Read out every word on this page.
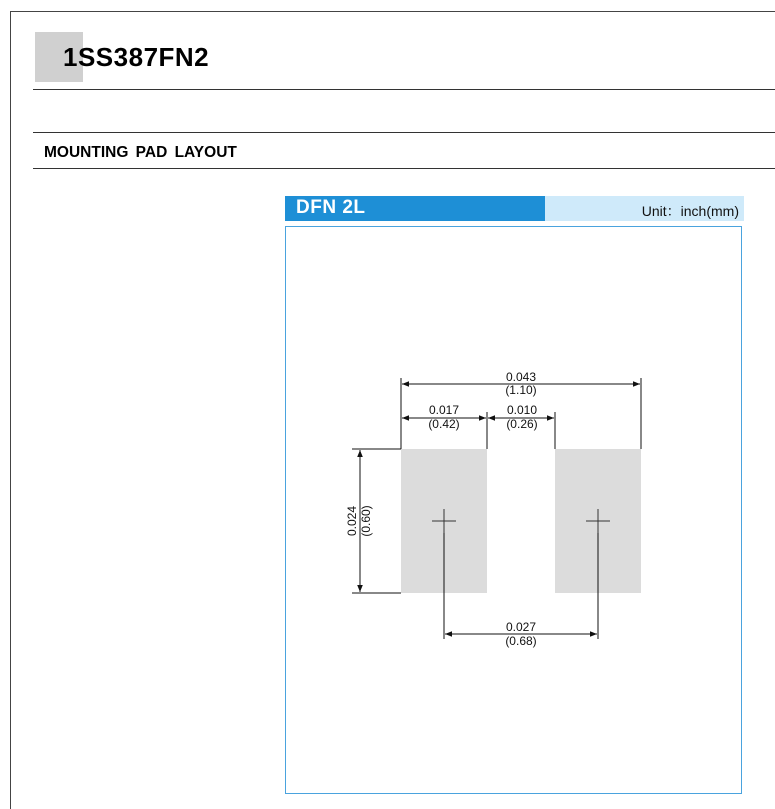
1SS387FN2
MOUNTING PAD LAYOUT
DFN 2L	Unit：inch(mm)
0.043
(1.10)
0.017
(0.42)
0.010
(0.26)
0.024 (0.60)
0.027
(0.68)
